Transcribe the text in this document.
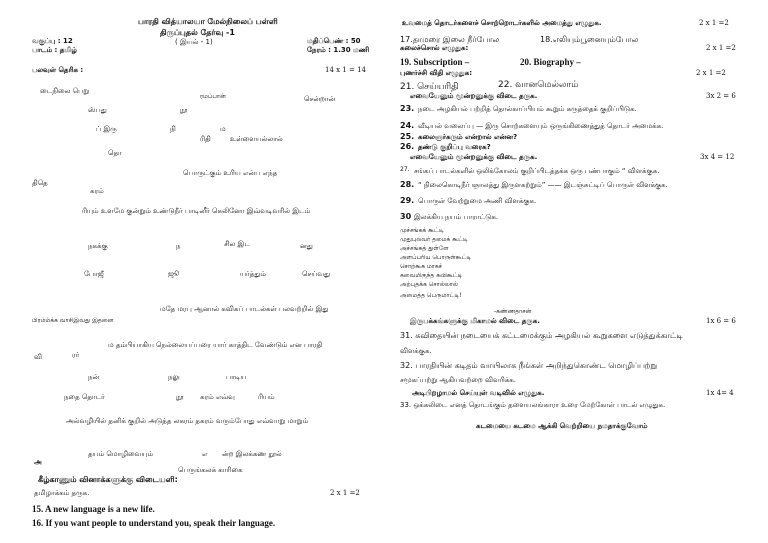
பாரதி வித்யாலயா மேல்நிலைப் பள்ளி
திருப்புதல் தேர்வு -1
( இயல் - 1)
வகுப்பு : 12
பாடம் : தமிழ்
மதிப்பெண் : 50
நேரம் : 1.30 மணி
பலவுள் தெரிக :	14 x 1 = 14
டைநிலை பெறு
ரமப்பான்	சென்றான்
ஸ்பது	நூ
ப் இரு	நி	ம
ரிதி	உள்ளையல்லால்
தொ
பொருட்கும் உரிய என்ப எந்த
திதெ
கரம்
ரியும் உளமே குன்றும் உண்டுநீர் பாடினீர் கெலினோ இவ்வடிவரில் இடம்
நகக்கு	ந	சில இட	னது
போஜீ	ஜூ	யர்த்தும்	செய்வது
மதே மரபு ஆனால் கவிகப் பாடல்கள் பலவற்றில் இது
பிரம்ம்க்க வாசிஇவது இதனை
ம தம்பியாகிய நெல்லையப்பரை யார் காத்திட வேண்டும் என பாரதி
வி	ரர்
நன்	நலு	பாடிய
நதை தொடர்	நூ கரம் எவ்வு	ரியம்
அல்வழியில் தனிக் குறில் அடுத்த லகரம் தகரம் வரும்போது எவ்வாறு மாறும்
தயம் மொழிவையும்	எ ன்ற இலக்கண நூல்
அ
பெருங்கலக் காரிகை
கீழ்காணும் வினாக்களுக்கு விடையளி:
தமிழாக்கம் தருக.	2 x 1 =2
15. A new language is a new life.
16. If you want people to understand you, speak their language.
உவமைத் தொடர்களைச் சொற்றொடர்களில் அமைத்து எழுதுக.	2 x 1 =2
17.தாமரை இலை நீர்போல	18.எலியும்பூனையும்போல
கலைச்சொல் எழுதுக:	2 x 1 =2
19. Subscription –	20. Biography –
புணர்ச்சி விதி எழுதுக:	2 x 1 =2
21. செய்யரிதி	22. வானமெல்லாம்
எவையேனும் மூன்றனுக்கு விடை தருக.	3x 2 = 6
23. நடை அழகியல் பற்றித் தொல்காப்பியம் கூறும் கருத்தைக் குறிப்பிடுக.
24. வீடியல் வலைப்பு — இரு சொற்களையும் ஒருங்கிணைத்துத் தொடர் அமைக்க.
25. கலைஞர்கரும் என்றால் என்ன?
26. தண்டு குறிப்பு வரைக?
எவையேனும் மூன்றனுக்கு விடை தருக.	3x 4 = 12
27. சங்கப் பாடல்களில் ஒலிக்கோலம் குறிப்பிடத்தக்க ஒரு பண்பாகும் “ விளக்குக.
28. “ நிலைகொடிநீர் ஞாலத்து இருளகற்றும்” —— இடஞ்சுட்டிப் பொருள் விளக்குக.
29. பொருள் வேற்றுமை அணி விளக்குக.
30 இலக்கிய நயம் பாராட்டுக.
முச்சங்கக் கூட்டி
முதுபுலவர் தமைக் கூட்டி
அச்சங்கத் துள்ளே
அளப்பரிய பொருள்கூட்டி
சொற்கூக மாகச்
சுவைமிகுந்த கவிகூட்டி
அற்புதக்க சொல்லால்
அமைத்த பெருமாட்டி!
-கண்ணதாசன்
இருபக்கங்களுக்கு மிகாமல் விடை தருக.	1x 6 = 6
31. கவிதையின் நடையைக் கட்டமைக்கும் அழகியல் கூறுகளை எடுத்துக்காட்டி
விளக்குக.
32. பாரதியின் கடிதம் வாயிலாக நீங்கள் அறிந்துகொண்ட மொழிப்பற்று
சமூகப்பற்று ஆகியவற்றை விவரிக்க.
அடிபிறழாமல் செய்யுள் வடிவில் எழுதுக.	1x 4= 4
33. ஒக்கலிடை எனத் தொடங்கும் தளையலங்காரா உரை மேற்கோள் பாடல் எழுதுக.
கடமையை கடமை ஆக்கி வெற்றியை நமதாக்குவோம்
